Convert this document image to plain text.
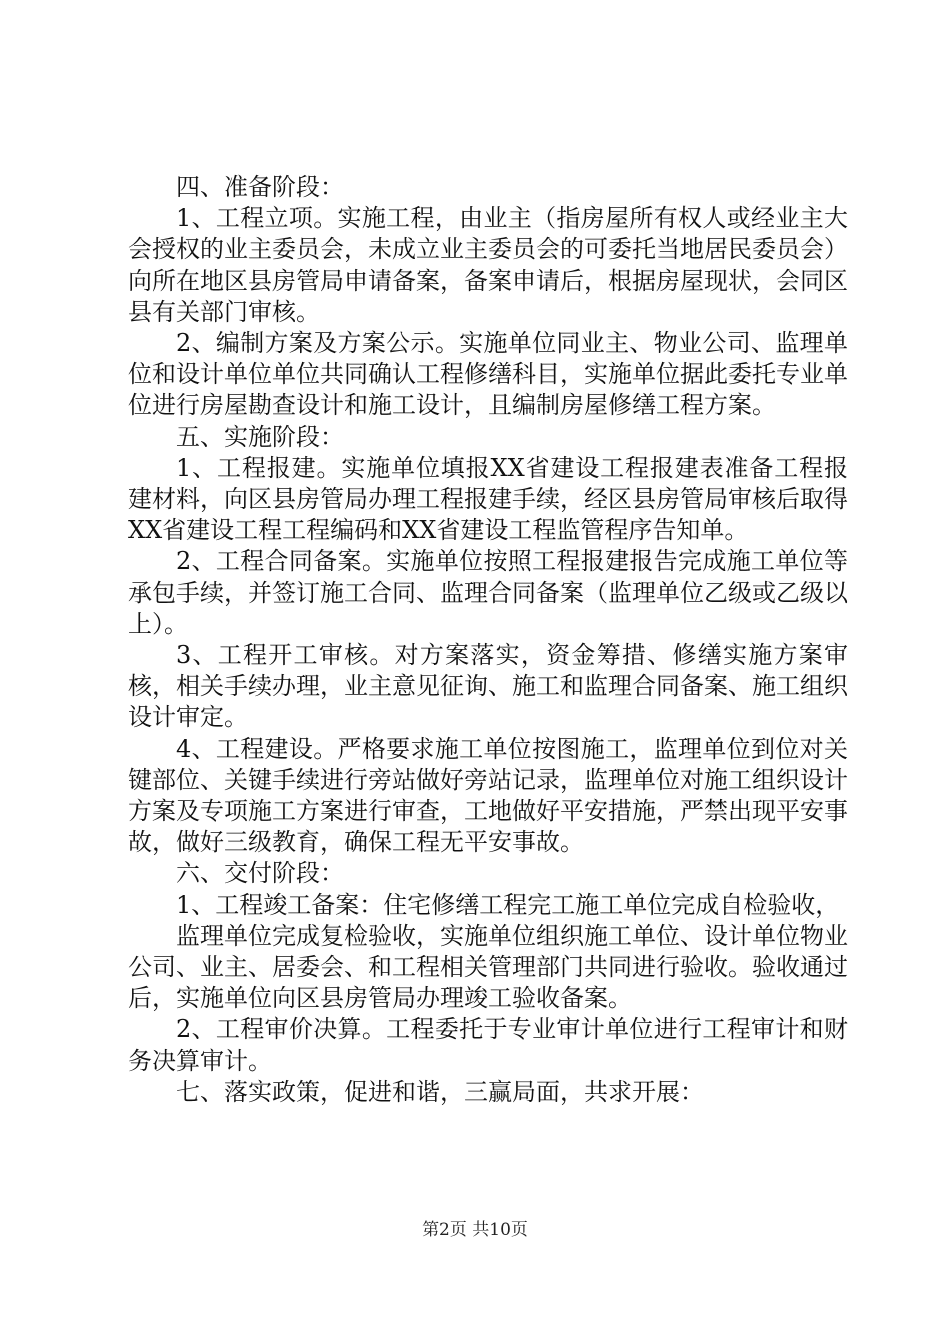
四、准备阶段：

1、工程立项。实施工程，由业主（指房屋所有权人或经业主大会授权的业主委员会，未成立业主委员会的可委托当地居民委员会）向所在地区县房管局申请备案，备案申请后，根据房屋现状，会同区县有关部门审核。

2、编制方案及方案公示。实施单位同业主、物业公司、监理单位和设计单位单位共同确认工程修缮科目，实施单位据此委托专业单位进行房屋勘查设计和施工设计，且编制房屋修缮工程方案。

五、实施阶段：

1、工程报建。实施单位填报XX省建设工程报建表准备工程报建材料，向区县房管局办理工程报建手续，经区县房管局审核后取得XX省建设工程工程编码和XX省建设工程监管程序告知单。

2、工程合同备案。实施单位按照工程报建报告完成施工单位等承包手续，并签订施工合同、监理合同备案（监理单位乙级或乙级以上）。

3、工程开工审核。对方案落实，资金筹措、修缮实施方案审核，相关手续办理，业主意见征询、施工和监理合同备案、施工组织设计审定。

4、工程建设。严格要求施工单位按图施工，监理单位到位对关键部位、关键手续进行旁站做好旁站记录，监理单位对施工组织设计方案及专项施工方案进行审查，工地做好平安措施，严禁出现平安事故，做好三级教育，确保工程无平安事故。

六、交付阶段：

1、工程竣工备案：住宅修缮工程完工施工单位完成自检验收，

监理单位完成复检验收，实施单位组织施工单位、设计单位物业公司、业主、居委会、和工程相关管理部门共同进行验收。验收通过后，实施单位向区县房管局办理竣工验收备案。

2、工程审价决算。工程委托于专业审计单位进行工程审计和财务决算审计。

七、落实政策，促进和谐，三赢局面，共求开展：

第2页 共10页
